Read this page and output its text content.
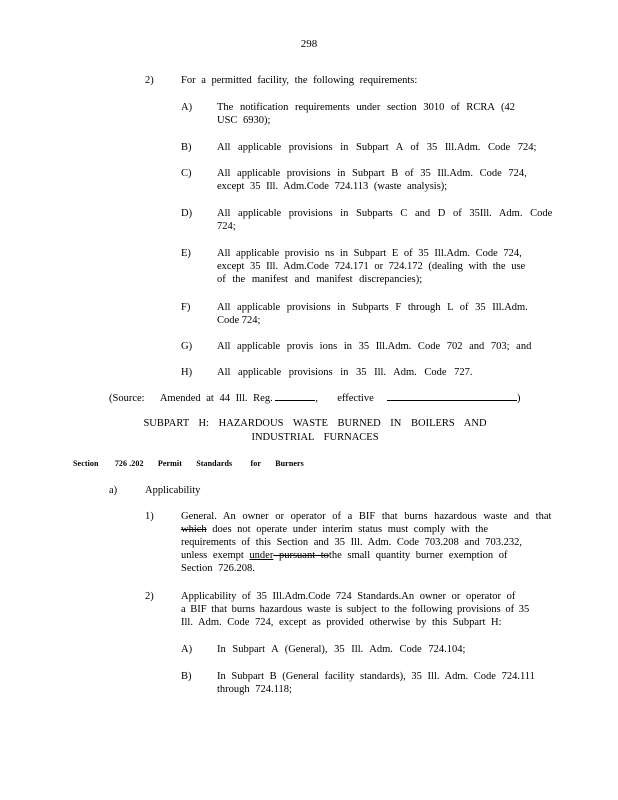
298
2)	For a permitted facility, the following requirements:
A) The notification requirements under section 3010 of RCRA (42
USC 6930);
B) All applicable provisions in Subpart A of 35 Ill.Adm. Code 724;
C) All applicable provisions in Subpart B of 35 Ill.Adm. Code 724,
except 35 Ill. Adm.Code 724.113 (waste analysis);
D) All applicable provisions in Subparts C and D of 35Ill. Adm. Code
724;
E) All applicable provisio ns in Subpart E of 35 Ill.Adm. Code 724,
except 35 Ill. Adm.Code 724.171 or 724.172 (dealing with the use
of the manifest and manifest discrepancies);
F)	All applicable provisions in Subparts F through L of 35 Ill.Adm.
Code 724;
G) All applicable provis ions in 35 Ill.Adm. Code 702 and 703; and
H) All applicable provisions in 35 Ill. Adm. Code 727.
(Source: Amended at 44 Ill. Reg.	,  effective	)
SUBPART H: HAZARDOUS WASTE BURNED IN BOILERS AND
INDUSTRIAL FURNACES
Section 726 .202 Permit Standards for Burners
a)	Applicability
1)	General. An owner or operator of a BIF that burns hazardous waste and that
which does not operate under interim status must comply with the
requirements of this Section and 35 Ill. Adm. Code 703.208 and 703.232,
unless exempt under pursuant tothe small quantity burner exemption of
Section 726.208.
2)	Applicability of 35 Ill.Adm.Code 724 Standards.An owner or operator of
a BIF that burns hazardous waste is subject to the following provisions of 35
Ill. Adm. Code 724, except as provided otherwise by this Subpart H:
A) In Subpart A (General), 35 Ill. Adm. Code 724.104;
B) In Subpart B (General facility standards), 35 Ill. Adm. Code 724.111
through 724.118;
